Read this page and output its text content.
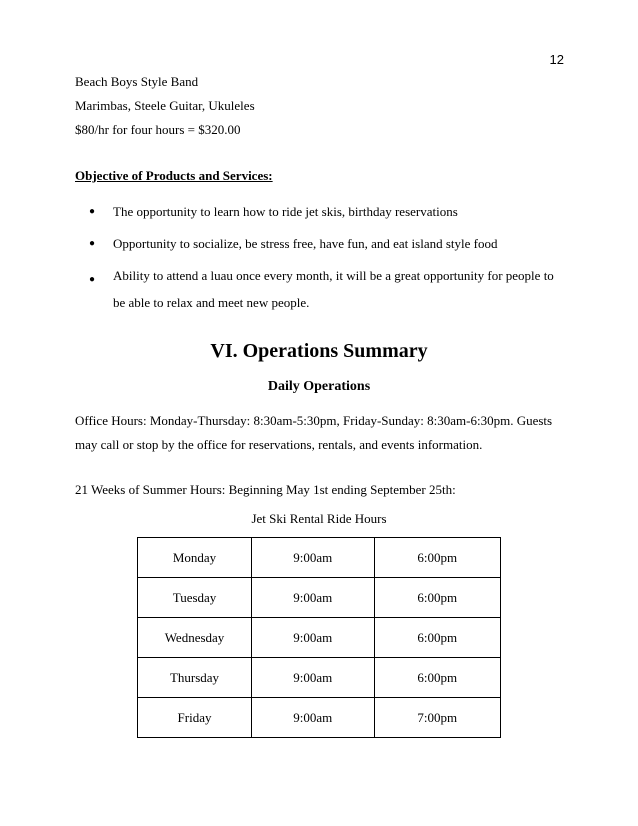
12

Beach Boys Style Band

Marimbas, Steele Guitar, Ukuleles

$80/hr for four hours = $320.00

Objective of Products and Services:

● The opportunity to learn how to ride jet skis, birthday reservations
● Opportunity to socialize, be stress free, have fun, and eat island style food
● Ability to attend a luau once every month, it will be a great opportunity for people to be able to relax and meet new people.
VI. Operations Summary
Daily Operations
Office Hours: Monday-Thursday: 8:30am-5:30pm, Friday-Sunday: 8:30am-6:30pm. Guests may call or stop by the office for reservations, rentals, and events information.
21 Weeks of Summer Hours: Beginning May 1st ending September 25th:
Jet Ski Rental Ride Hours
Monday	9:00am	6:00pm
Tuesday	9:00am	6:00pm
Wednesday	9:00am	6:00pm
Thursday	9:00am	6:00pm
Friday	9:00am	7:00pm
